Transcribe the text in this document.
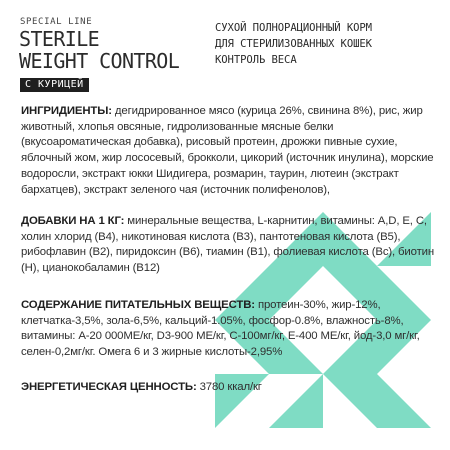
SPECIAL LINE

STERILE
WEIGHT CONTROL
С КУРИЦЕЙ
СУХОЙ ПОЛНОРАЦИОННЫЙ КОРМ
ДЛЯ СТЕРИЛИЗОВАННЫХ КОШЕК
КОНТРОЛЬ ВЕСА
ИНГРИДИЕНТЫ: дегидрированное мясо (курица 26%, свинина 8%), рис, жир животный, хлопья овсяные, гидролизованные мясные белки (вкусоароматическая добавка), рисовый протеин, дрожжи пивные сухие, яблочный жом, жир лососевый, брокколи, цикорий (источник инулина), морские водоросли, экстракт юкки Шидигера, розмарин, таурин, лютеин (экстракт бархатцев), экстракт зеленого чая (источник полифенолов),
ДОБАВКИ НА 1 КГ: минеральные вещества, L-карнитин, витамины: A,D, E, C, холин хлорид (В4), никотиновая кислота (В3), пантотеновая кислота (В5), рибофлавин (В2), пиридоксин (В6), тиамин (В1), фолиевая кислота (Вс), биотин (Н), цианокобаламин (В12)
СОДЕРЖАНИЕ ПИТАТЕЛЬНЫХ ВЕЩЕСТВ: протеин-30%, жир-12%, клетчатка-3,5%, зола-6,5%, кальций-1.05%, фосфор-0.8%, влажность-8%, витамины: А-20 000МЕ/кг, D3-900 МЕ/кг, С-100мг/кг, Е-400 МЕ/кг, йод-3,0 мг/кг, селен-0,2мг/кг. Омега 6 и 3 жирные кислоты-2,95%
ЭНЕРГЕТИЧЕСКАЯ ЦЕННОСТЬ: 3780 ккал/кг
